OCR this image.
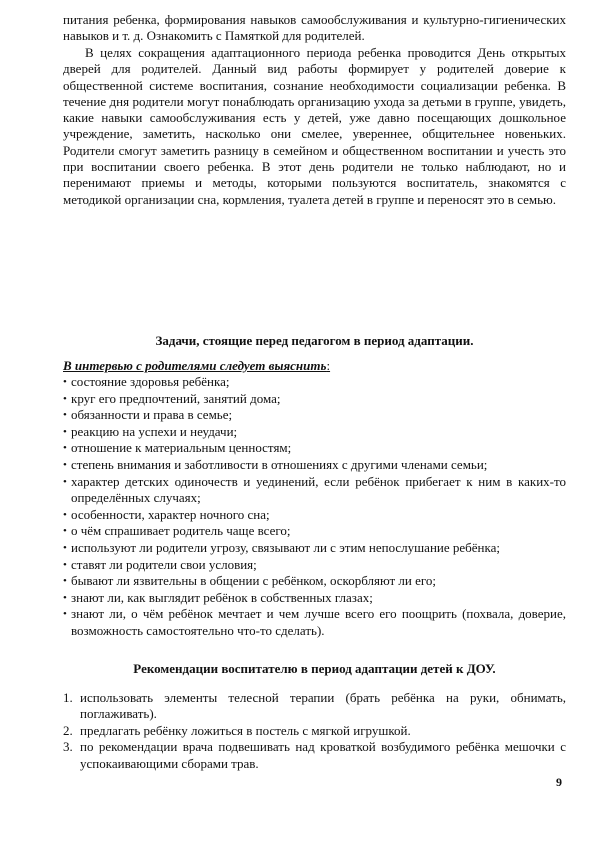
питания ребенка, формирования навыков самообслуживания и культурно-гигиенических навыков и т. д. Ознакомить с Памяткой для родителей.

В целях сокращения адаптационного периода ребенка проводится День открытых дверей для родителей. Данный вид работы формирует у родителей доверие к общественной системе воспитания, сознание необходимости социализации ребенка. В течение дня родители могут понаблюдать организацию ухода за детьми в группе, увидеть, какие навыки самообслуживания есть у детей, уже давно посещающих дошкольное учреждение, заметить, насколько они смелее, увереннее, общительнее новеньких. Родители смогут заметить разницу в семейном и общественном воспитании и учесть это при воспитании своего ребенка. В этот день родители не только наблюдают, но и перенимают приемы и методы, которыми пользуются воспитатель, знакомятся с методикой организации сна, кормления, туалета детей в группе и переносят это в семью.

Задачи, стоящие перед педагогом в период адаптации.

В интервью с родителями следует выяснить:

• состояние здоровья ребёнка;
• круг его предпочтений, занятий дома;
• обязанности и права в семье;
• реакцию на успехи и неудачи;
• отношение к материальным ценностям;
• степень внимания и заботливости в отношениях с другими членами семьи;
• характер детских одиночеств и уединений, если ребёнок прибегает к ним в каких-то определённых случаях;
• особенности, характер ночного сна;
• о чём спрашивает родитель чаще всего;
• используют ли родители угрозу, связывают ли с этим непослушание ребёнка;
• ставят ли родители свои условия;
• бывают ли язвительны в общении с ребёнком, оскорбляют ли его;
• знают ли, как выглядит ребёнок в собственных глазах;
• знают ли, о чём ребёнок мечтает и чем лучше всего его поощрить (похвала, доверие, возможность самостоятельно что-то сделать).

Рекомендации воспитателю в период адаптации детей к ДОУ.

1. использовать элементы телесной терапии (брать ребёнка на руки, обнимать, поглаживать).
2. предлагать ребёнку ложиться в постель с мягкой игрушкой.
3. по рекомендации врача подвешивать над кроваткой возбудимого ребёнка мешочки с успокаивающими сборами трав.

9
